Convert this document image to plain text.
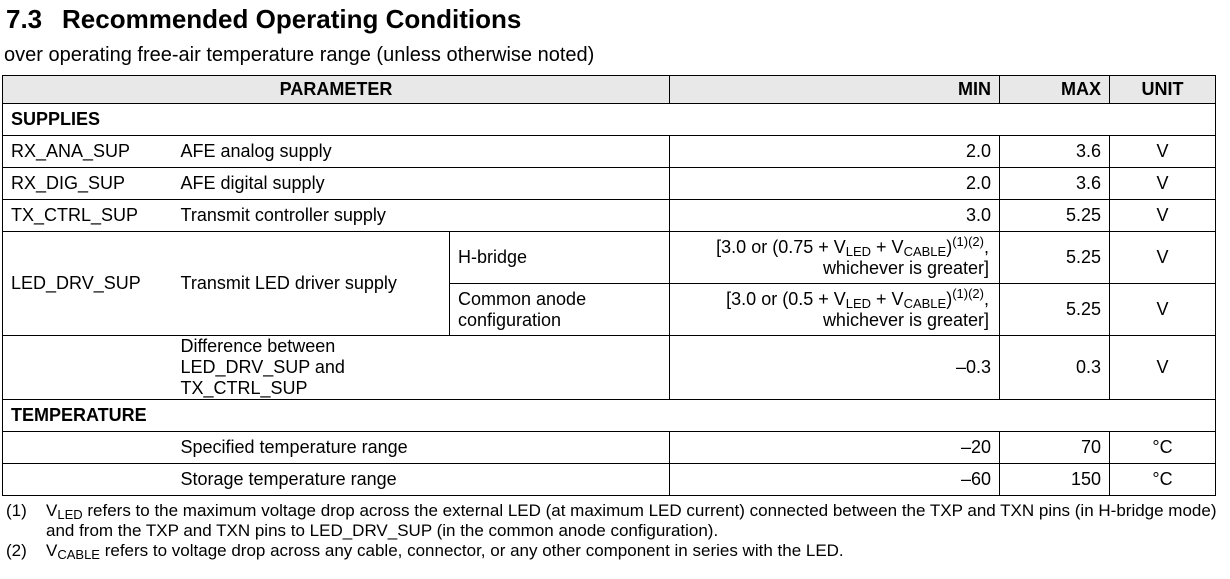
7.3 Recommended Operating Conditions
over operating free-air temperature range (unless otherwise noted)
PARAMETER			MIN	MAX	UNIT
SUPPLIES					
RX_ANA_SUP	AFE analog supply		2.0	3.6	V
RX_DIG_SUP	AFE digital supply		2.0	3.6	V
TX_CTRL_SUP	Transmit controller supply		3.0	5.25	V
LED_DRV_SUP	Transmit LED driver supply	H-bridge	[3.0 or $(0.75 + V_{LED} + V_{CABLE})^{(1)(2)}$,
whichever is greater]	5.25	V
		Common anode configuration	[3.0 or $(0.5 + V_{LED} + V_{CABLE})^{(1)(2)}$,
whichever is greater]	5.25	V
	Difference between LED_DRV_SUP and TX_CTRL_SUP		–0.3	0.3	V
TEMPERATURE					
	Specified temperature range		–20	70	°C
	Storage temperature range		–60	150	°C
(1)	$V_{LED}$ refers to the maximum voltage drop across the external LED (at maximum LED current) connected between the TXP and TXN pins (in H-bridge mode) and from the TXP and TXN pins to LED_DRV_SUP (in the common anode configuration).
(2)	$V_{CABLE}$ refers to voltage drop across any cable, connector, or any other component in series with the LED.
